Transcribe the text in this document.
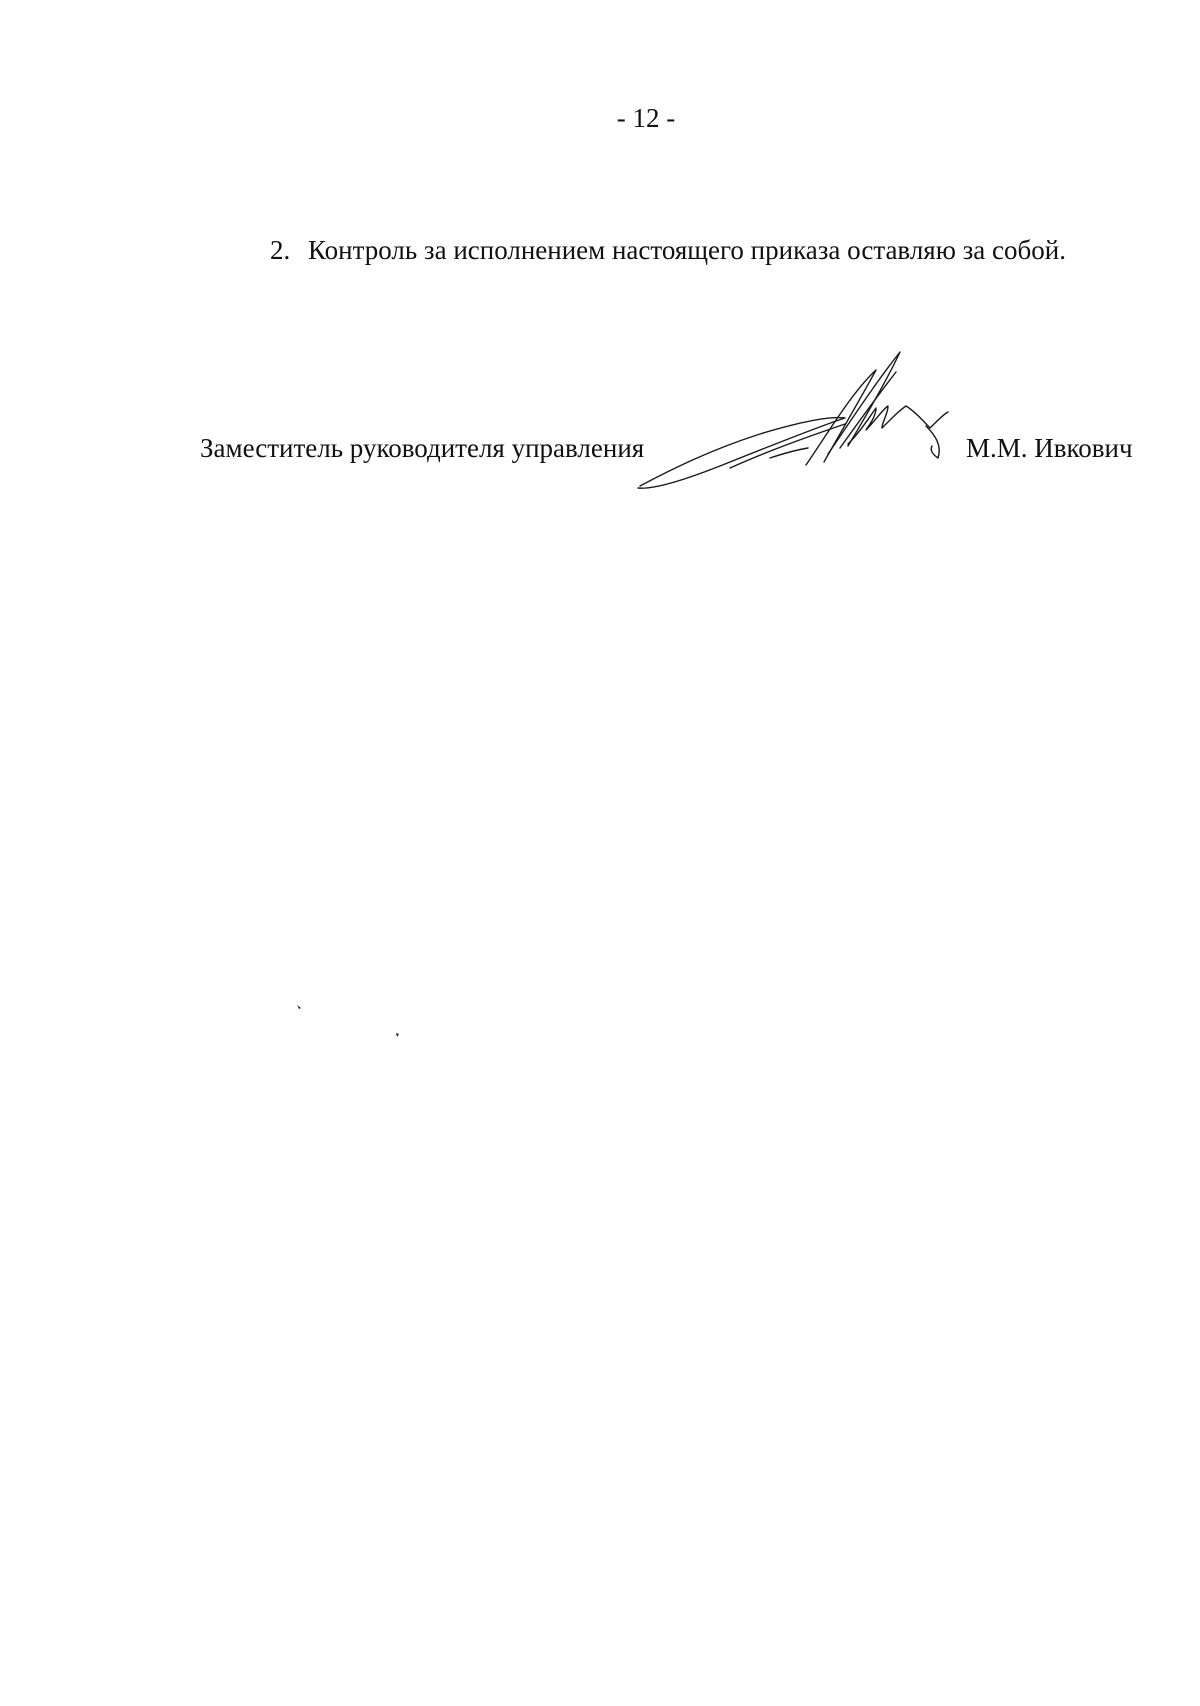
- 12 -
2. Контроль за исполнением настоящего приказа оставляю за собой.
Заместитель руководителя управления	М.М. Ивкович
